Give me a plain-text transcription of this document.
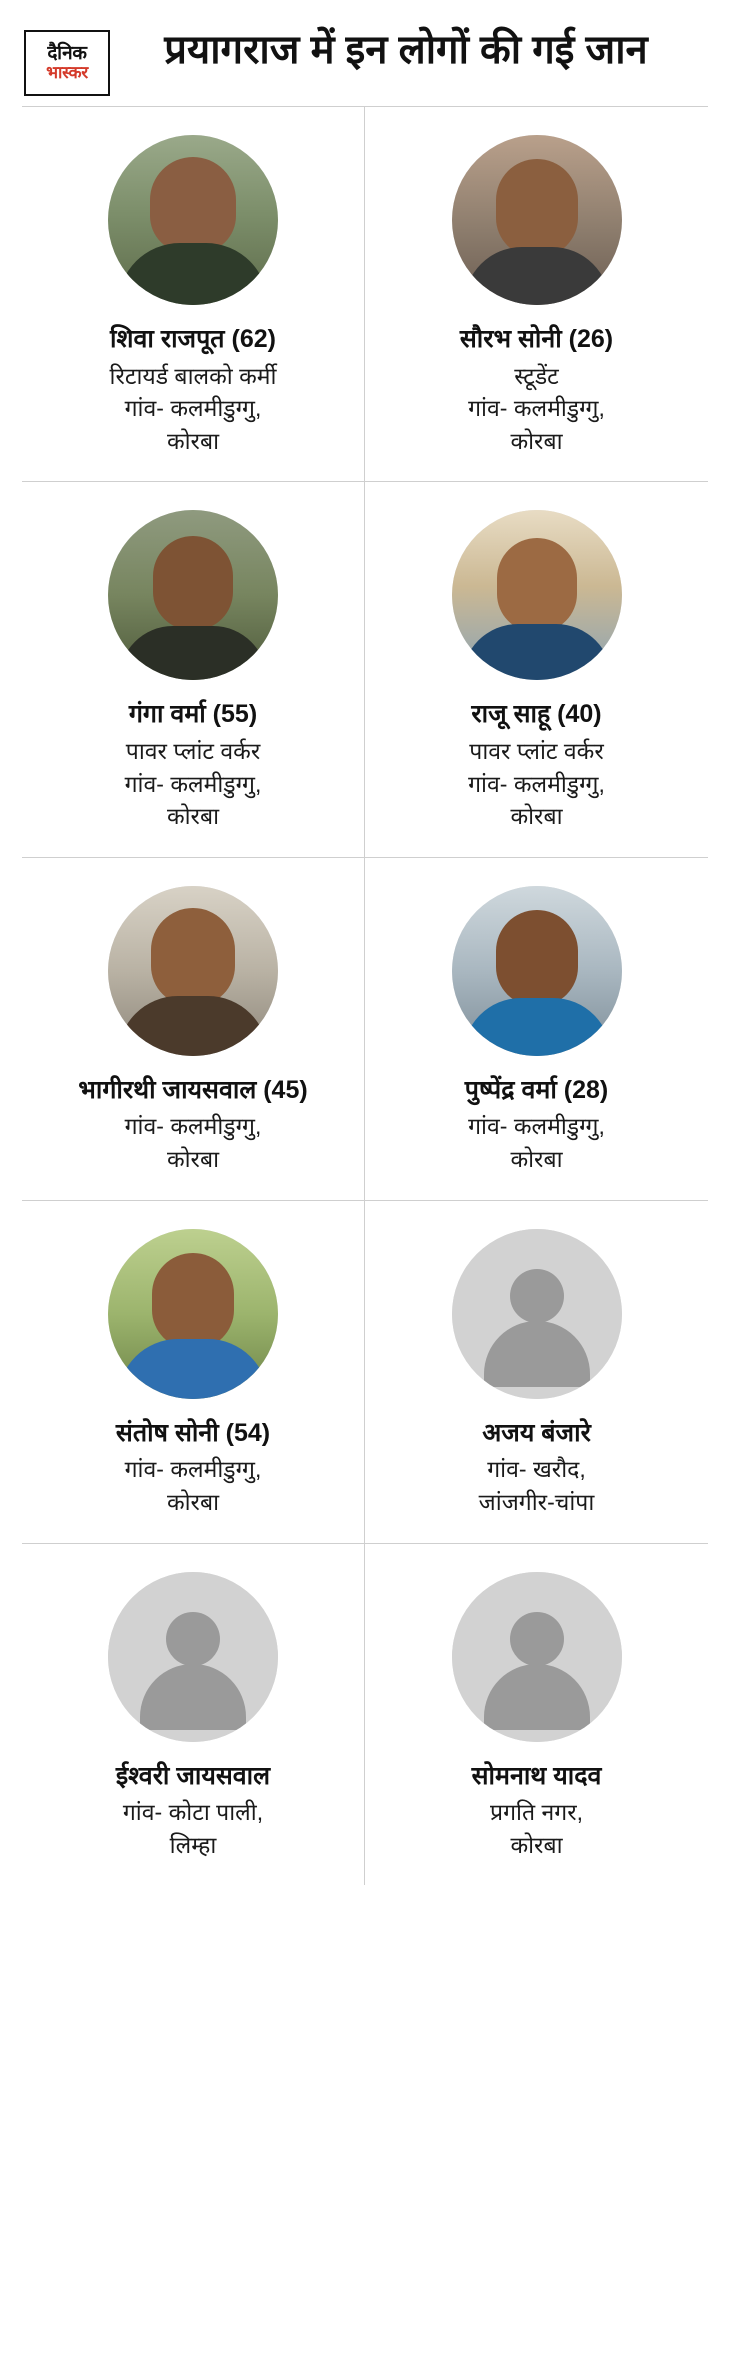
दैनिक
भास्कर
प्रयागराज में इन लोगों की गई जान
शिवा राजपूत (62)
रिटायर्ड बालको कर्मी
गांव- कलमीडुग्गु,
कोरबा
सौरभ सोनी (26)
स्टूडेंट
गांव- कलमीडुग्गु,
कोरबा
गंगा वर्मा (55)
पावर प्लांट वर्कर
गांव- कलमीडुग्गु,
कोरबा
राजू साहू (40)
पावर प्लांट वर्कर
गांव- कलमीडुग्गु,
कोरबा
भागीरथी जायसवाल (45)
गांव- कलमीडुग्गु,
कोरबा
पुष्पेंद्र वर्मा (28)
गांव- कलमीडुग्गु,
कोरबा
संतोष सोनी (54)
गांव- कलमीडुग्गु,
कोरबा
अजय बंजारे
गांव- खरौद,
जांजगीर-चांपा
ईश्वरी जायसवाल
गांव- कोटा पाली,
लिम्हा
सोमनाथ यादव
प्रगति नगर,
कोरबा
